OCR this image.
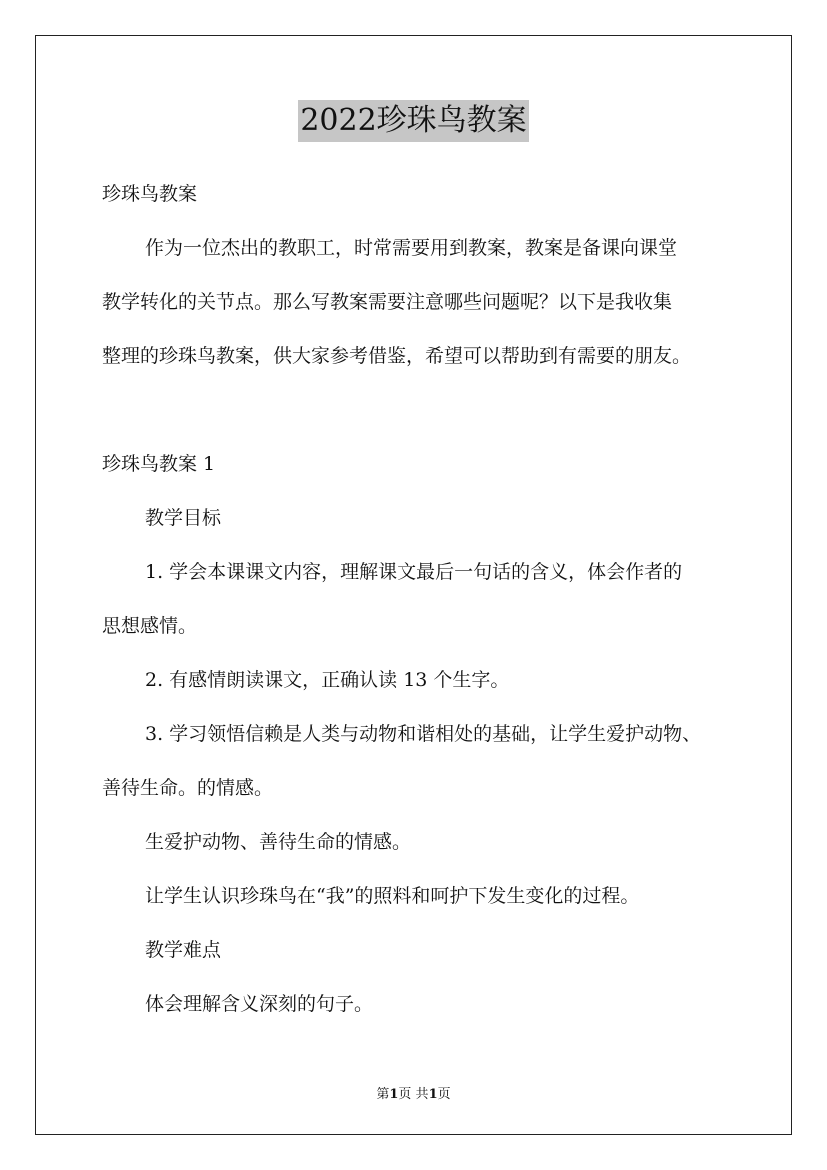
2022珍珠鸟教案
珍珠鸟教案
作为一位杰出的教职工，时常需要用到教案，教案是备课向课堂
教学转化的关节点。那么写教案需要注意哪些问题呢？以下是我收集
整理的珍珠鸟教案，供大家参考借鉴，希望可以帮助到有需要的朋友。
珍珠鸟教案 1
教学目标
1. 学会本课课文内容，理解课文最后一句话的含义，体会作者的
思想感情。
2. 有感情朗读课文，正确认读 13 个生字。
3. 学习领悟信赖是人类与动物和谐相处的基础，让学生爱护动物、
善待生命。的情感。
生爱护动物、善待生命的情感。
让学生认识珍珠鸟在“我”的照料和呵护下发生变化的过程。
教学难点
体会理解含义深刻的句子。
第1页 共1页
